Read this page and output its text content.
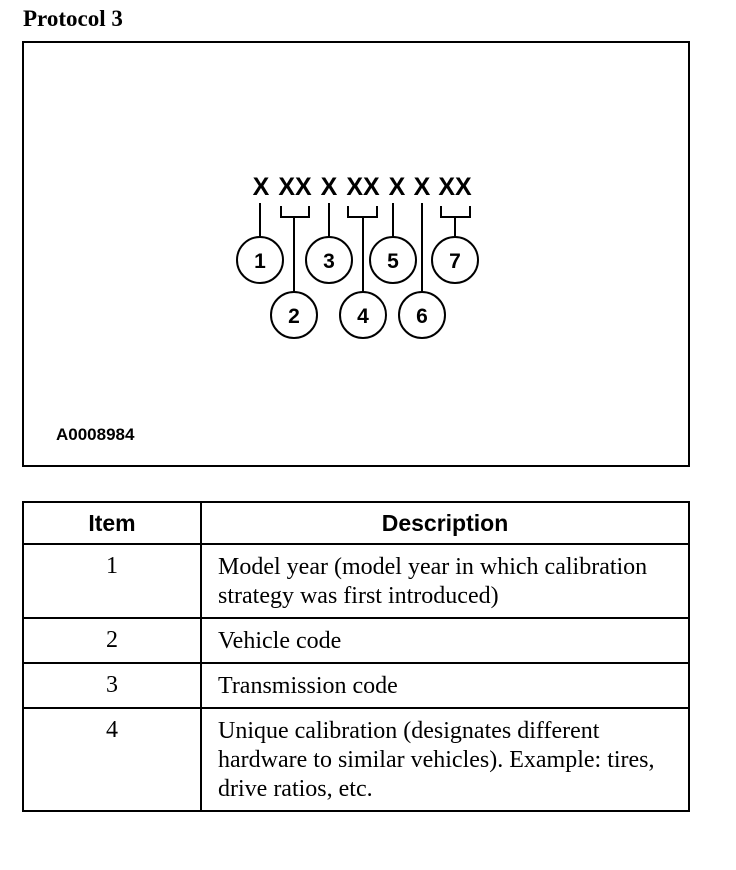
Protocol 3
X XX X XX X X XX
1
2
3
4
5
6
7
A0008984
Item	Description
1	Model year (model year in which calibration strategy was first introduced)
2	Vehicle code
3	Transmission code
4	Unique calibration (designates different hardware to similar vehicles). Example: tires, drive ratios, etc.
